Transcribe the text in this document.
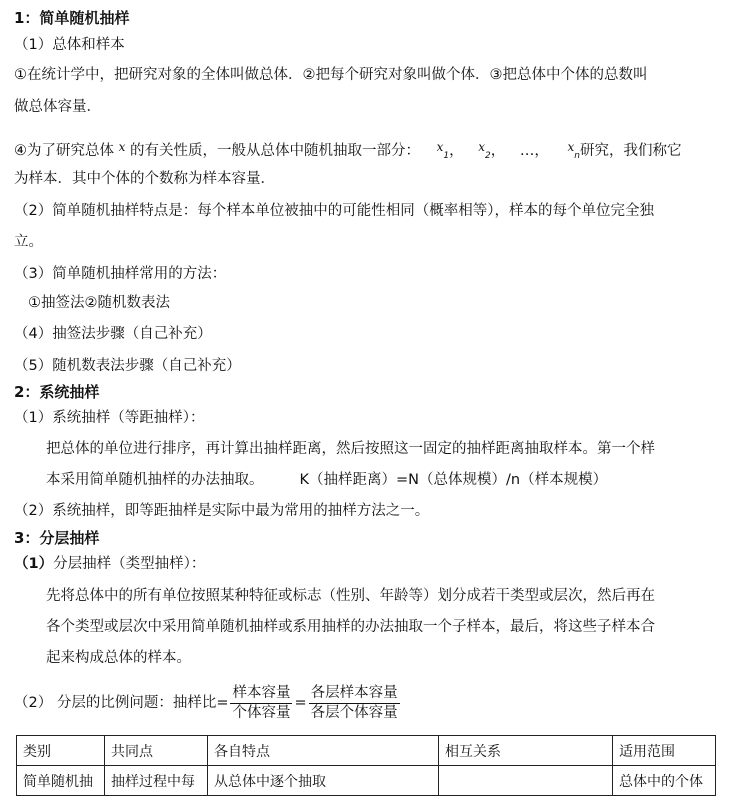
1：简单随机抽样
（1）总体和样本
①在统计学中，把研究对象的全体叫做总体．②把每个研究对象叫做个体．③把总体中个体的总数叫
做总体容量．
④为了研究总体 $^x$ 的有关性质，一般从总体中随机抽取一部分： $^x_1$， $^x_2$， …， $^x_n$研究，我们称它
为样本．其中个体的个数称为样本容量．
（2）简单随机抽样特点是：每个样本单位被抽中的可能性相同（概率相等），样本的每个单位完全独
立。
（3）简单随机抽样常用的方法：
①抽签法②随机数表法
（4）抽签法步骤（自己补充）
（5）随机数表法步骤（自己补充）
2：系统抽样
（1）系统抽样（等距抽样）：
把总体的单位进行排序，再计算出抽样距离，然后按照这一固定的抽样距离抽取样本。第一个样
本采用简单随机抽样的办法抽取。 K（抽样距离）=N（总体规模）/n（样本规模）
（2）系统抽样，即等距抽样是实际中最为常用的抽样方法之一。
3：分层抽样
（1）分层抽样（类型抽样）：
先将总体中的所有单位按照某种特征或标志（性别、年龄等）划分成若干类型或层次，然后再在
各个类型或层次中采用简单随机抽样或系用抽样的办法抽取一个子样本，最后，将这些子样本合
起来构成总体的样本。
（2） 分层的比例问题：抽样比= $\frac{\text{样本容量}}{\text{个体容量}} = \frac{\text{各层样本容量}}{\text{各层个体容量}}$
类别	共同点	各自特点	相互关系	适用范围
简单随机抽	抽样过程中每	从总体中逐个抽取		总体中的个体
